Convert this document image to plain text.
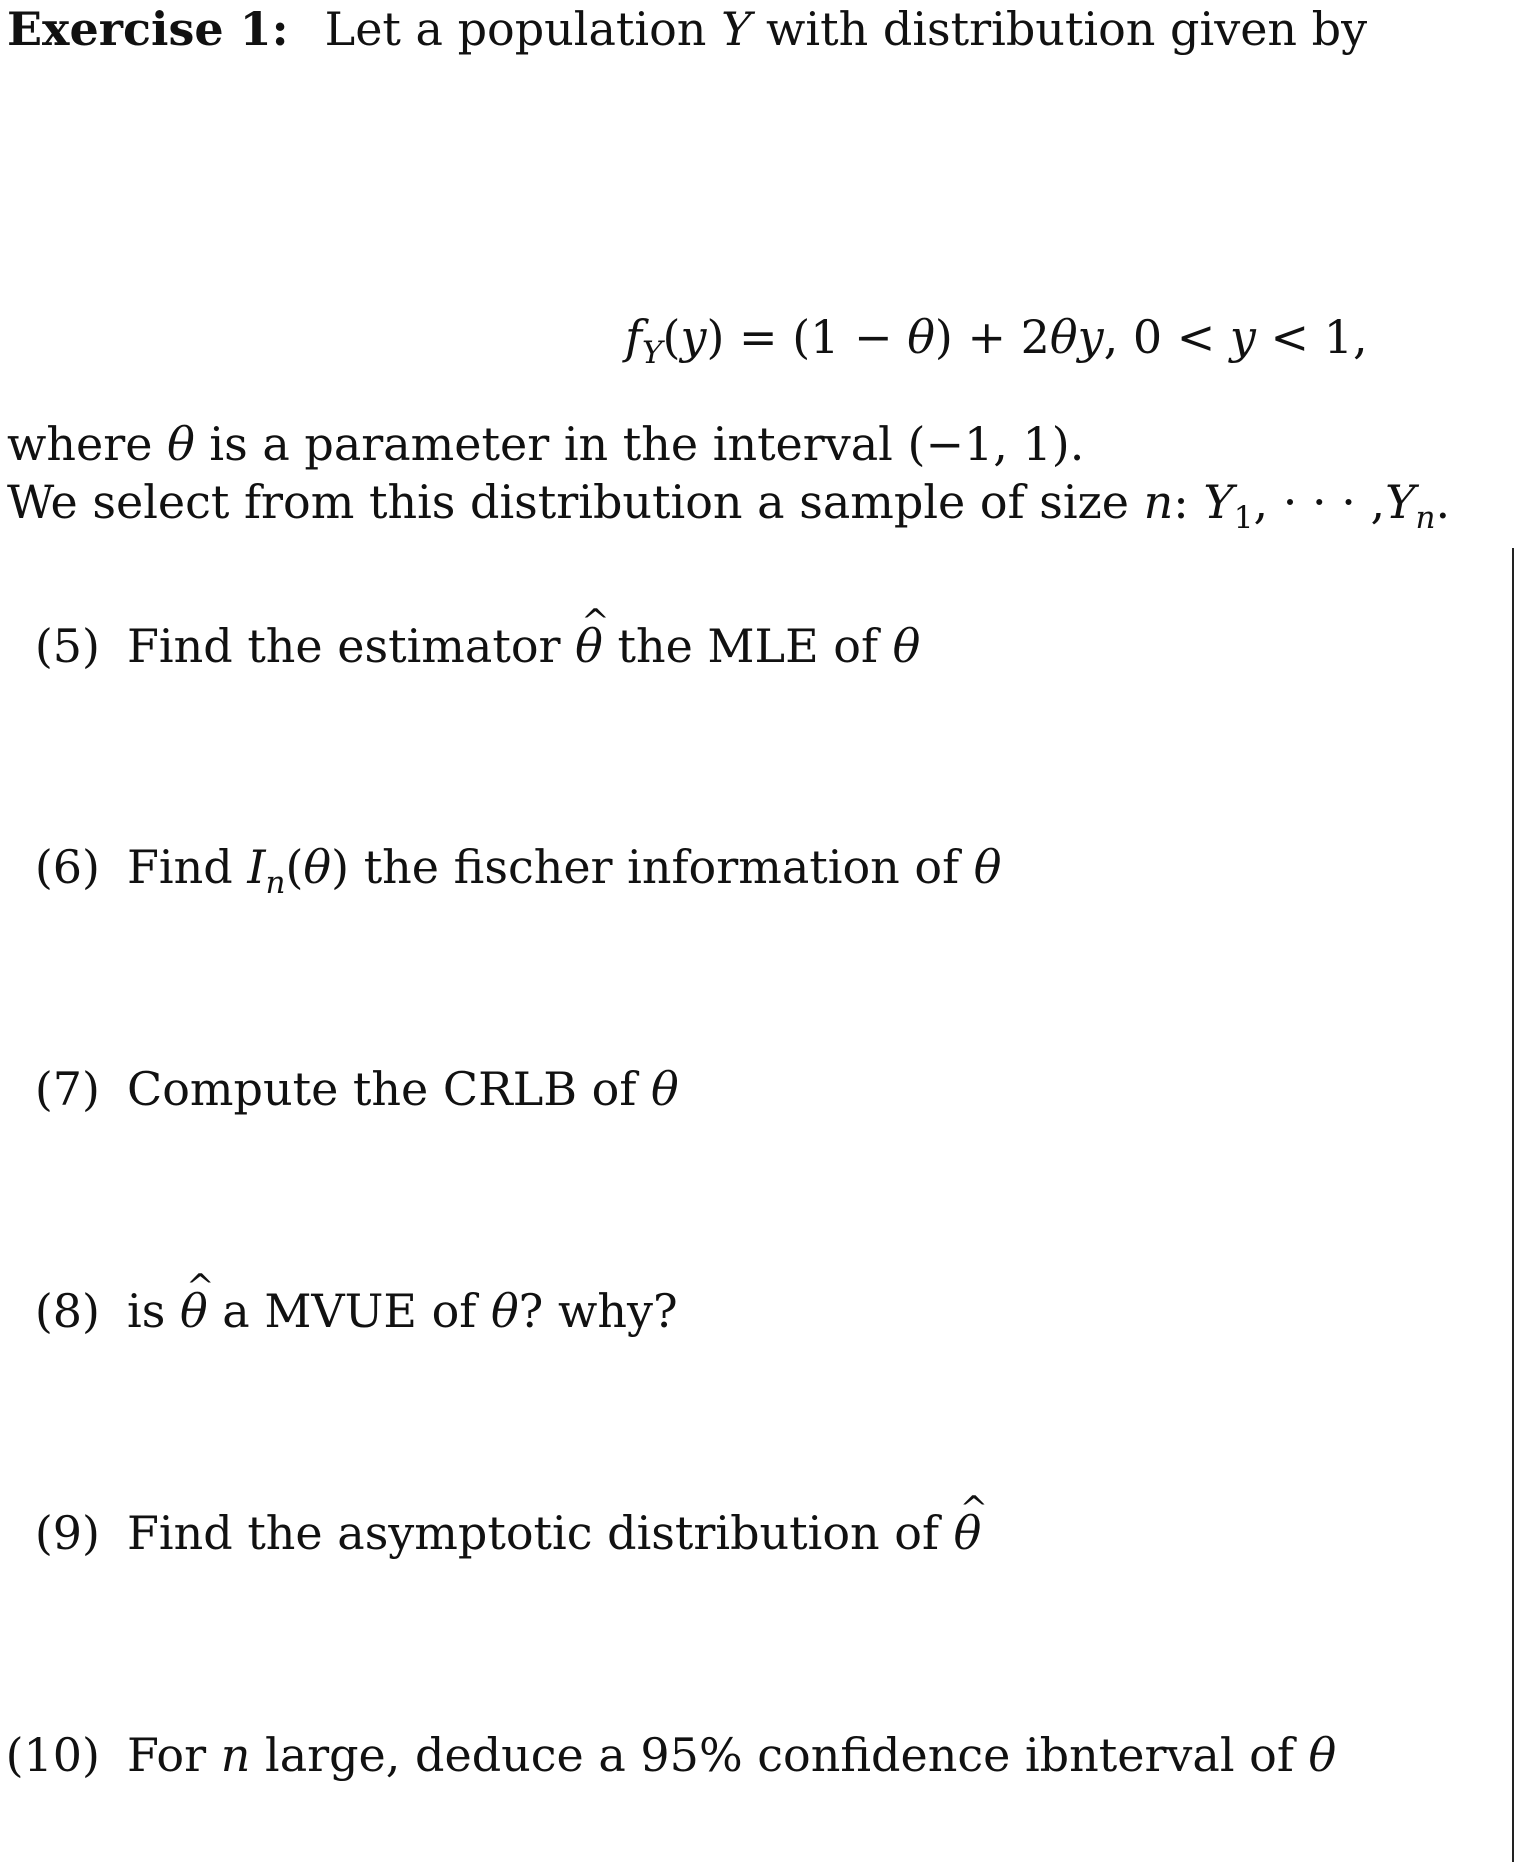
Exercise 1: Let a population Y with distribution given by
$f_Y(y) = (1 - \theta) + 2\theta y$, 0 < y < 1,
where θ is a parameter in the interval (−1, 1).
We select from this distribution a sample of size n: $Y_1$, · · · $,Y_n$.
(5) Find the estimator ^ θ the MLE of θ
(6) Find $I_n(\theta)$ the fischer information of θ
(7) Compute the CRLB of θ
(8) is ^ θ a MVUE of θ? why?
(9) Find the asymptotic distribution of ^ θ
(10) For n large, deduce a 95% confidence ibnterval of θ
